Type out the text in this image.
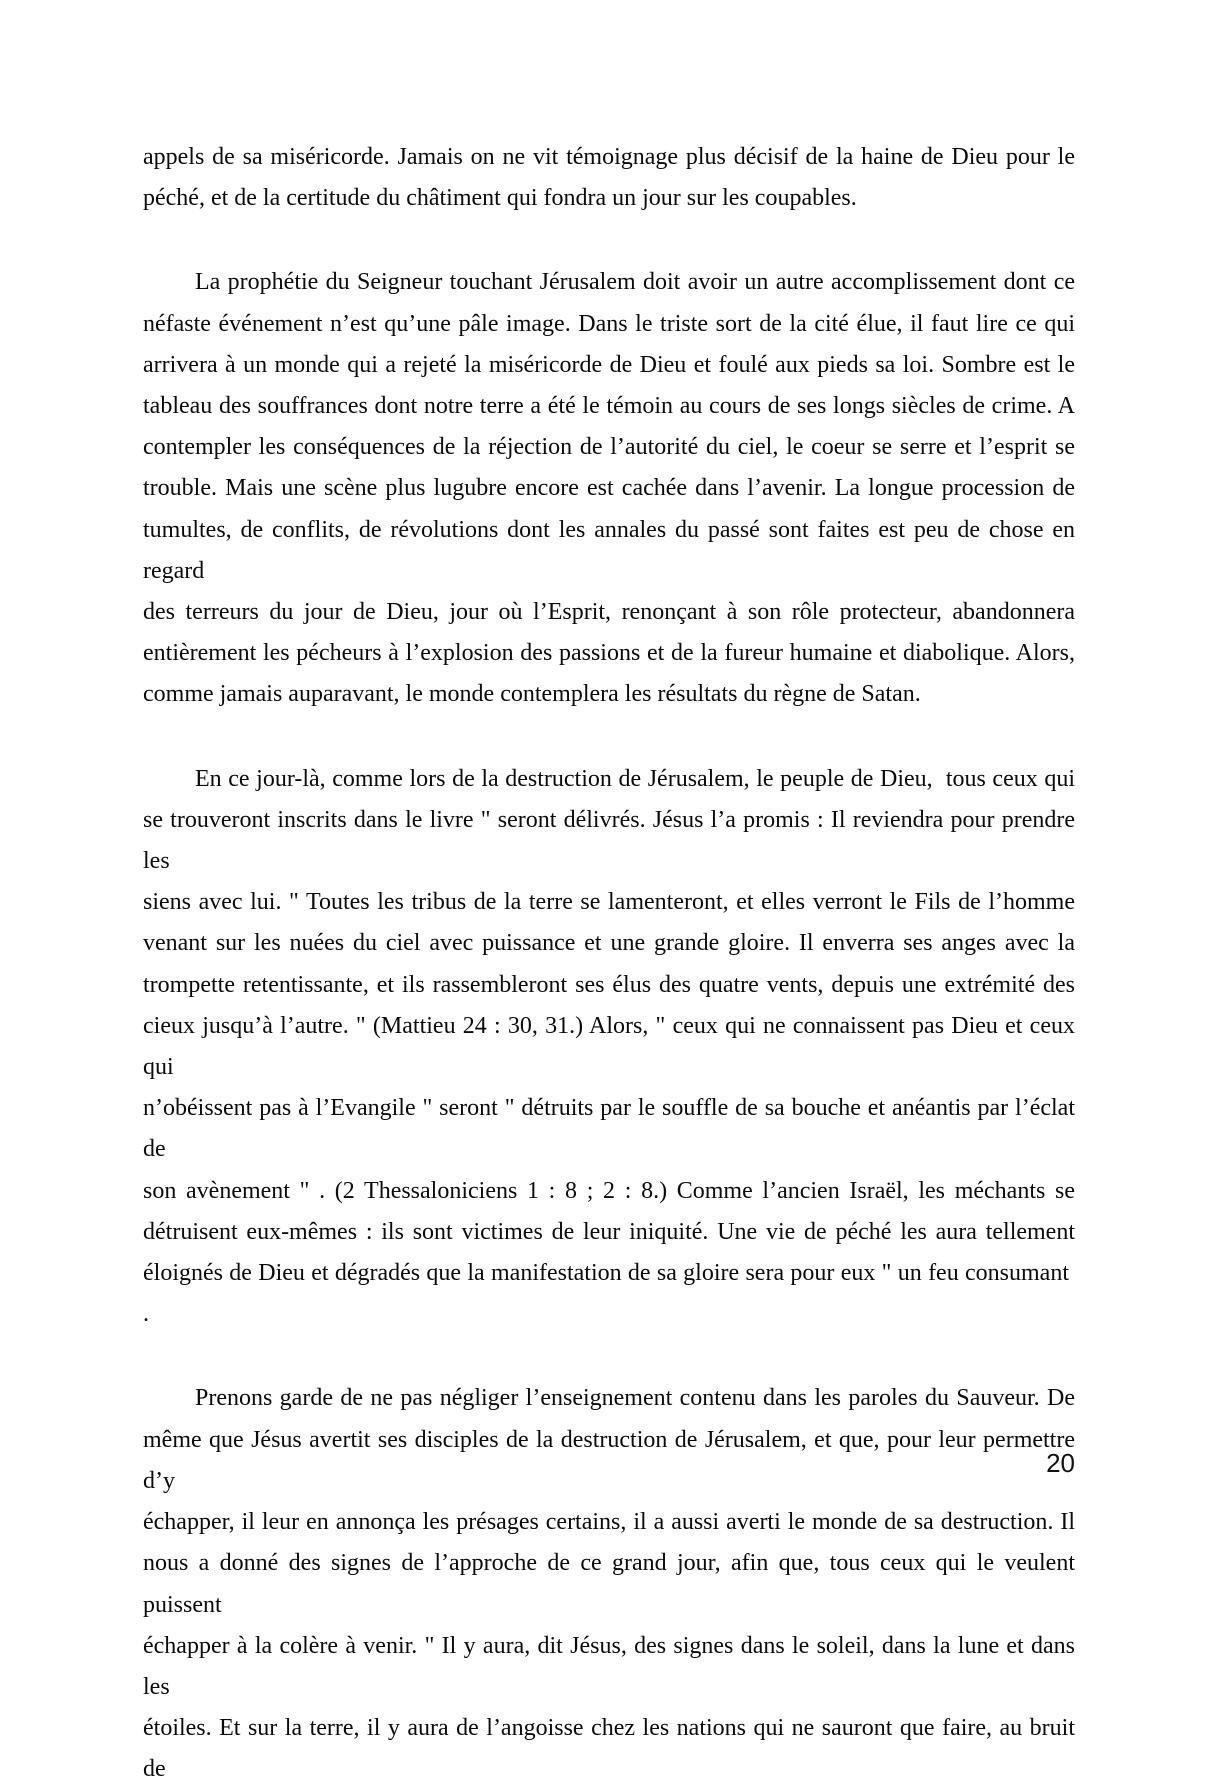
appels de sa miséricorde. Jamais on ne vit témoignage plus décisif de la haine de Dieu pour le
péché, et de la certitude du châtiment qui fondra un jour sur les coupables.
La prophétie du Seigneur touchant Jérusalem doit avoir un autre accomplissement dont ce
néfaste événement n’est qu’une pâle image. Dans le triste sort de la cité élue, il faut lire ce qui
arrivera à un monde qui a rejeté la miséricorde de Dieu et foulé aux pieds sa loi. Sombre est le
tableau des souffrances dont notre terre a été le témoin au cours de ses longs siècles de crime. A
contempler les conséquences de la réjection de l’autorité du ciel, le coeur se serre et l’esprit se
trouble. Mais une scène plus lugubre encore est cachée dans l’avenir. La longue procession de
tumultes, de conflits, de révolutions dont les annales du passé sont faites est peu de chose en regard
des terreurs du jour de Dieu, jour où l’Esprit, renonçant à son rôle protecteur, abandonnera
entièrement les pécheurs à l’explosion des passions et de la fureur humaine et diabolique. Alors,
comme jamais auparavant, le monde contemplera les résultats du règne de Satan.
En ce jour-là, comme lors de la destruction de Jérusalem, le peuple de Dieu,  tous ceux qui
se trouveront inscrits dans le livre " seront délivrés. Jésus l’a promis : Il reviendra pour prendre les
siens avec lui. " Toutes les tribus de la terre se lamenteront, et elles verront le Fils de l’homme
venant sur les nuées du ciel avec puissance et une grande gloire. Il enverra ses anges avec la
trompette retentissante, et ils rassembleront ses élus des quatre vents, depuis une extrémité des
cieux jusqu’à l’autre. " (Mattieu 24 : 30, 31.) Alors, " ceux qui ne connaissent pas Dieu et ceux qui
n’obéissent pas à l’Evangile " seront " détruits par le souffle de sa bouche et anéantis par l’éclat de
son avènement " . (2 Thessaloniciens 1 : 8 ; 2 : 8.) Comme l’ancien Israël, les méchants se
détruisent eux-mêmes : ils sont victimes de leur iniquité. Une vie de péché les aura tellement
éloignés de Dieu et dégradés que la manifestation de sa gloire sera pour eux " un feu consumant  .
Prenons garde de ne pas négliger l’enseignement contenu dans les paroles du Sauveur. De
même que Jésus avertit ses disciples de la destruction de Jérusalem, et que, pour leur permettre d’y
échapper, il leur en annonça les présages certains, il a aussi averti le monde de sa destruction. Il
nous a donné des signes de l’approche de ce grand jour, afin que, tous ceux qui le veulent puissent
échapper à la colère à venir. " Il y aura, dit Jésus, des signes dans le soleil, dans la lune et dans les
étoiles. Et sur la terre, il y aura de l’angoisse chez les nations qui ne sauront que faire, au bruit de
20
